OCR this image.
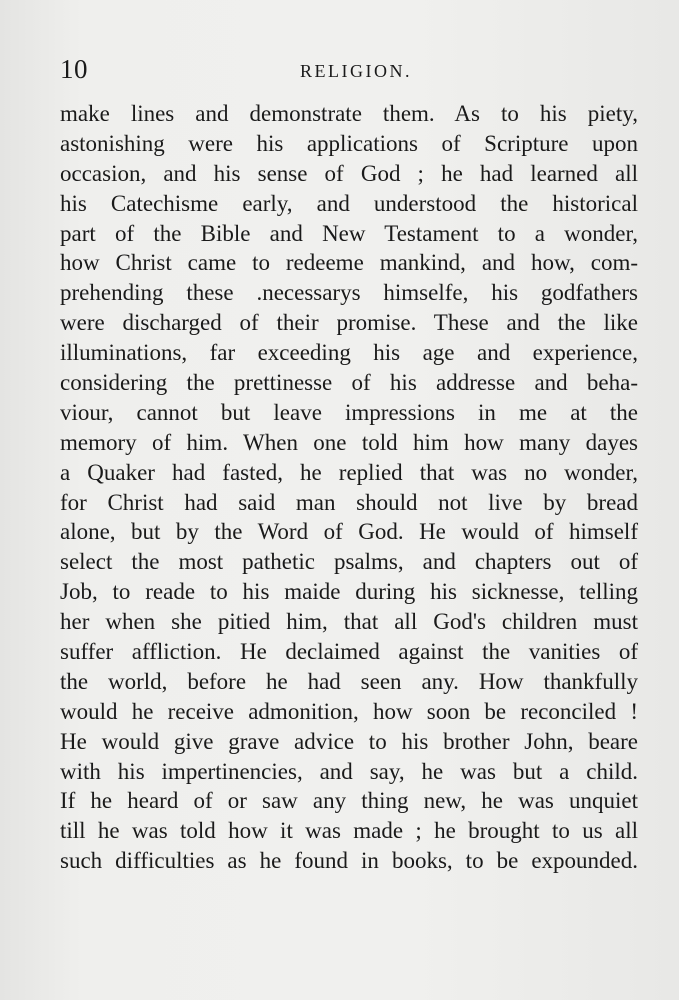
10	RELIGION.
make lines and demonstrate them. As to his piety,
astonishing were his applications of Scripture upon
occasion, and his sense of God ; he had learned all
his Catechisme early, and understood the historical
part of the Bible and New Testament to a wonder,
how Christ came to redeeme mankind, and how, com-
prehending these .necessarys himselfe, his godfathers
were discharged of their promise. These and the like
illuminations, far exceeding his age and experience,
considering the prettinesse of his addresse and beha-
viour, cannot but leave impressions in me at the
memory of him. When one told him how many dayes
a Quaker had fasted, he replied that was no wonder,
for Christ had said man should not live by bread
alone, but by the Word of God. He would of himself
select the most pathetic psalms, and chapters out of
Job, to reade to his maide during his sicknesse, telling
her when she pitied him, that all God's children must
suffer affliction. He declaimed against the vanities of
the world, before he had seen any. How thankfully
would he receive admonition, how soon be reconciled !
He would give grave advice to his brother John, beare
with his impertinencies, and say, he was but a child.
If he heard of or saw any thing new, he was unquiet
till he was told how it was made ; he brought to us all
such difficulties as he found in books, to be expounded.
